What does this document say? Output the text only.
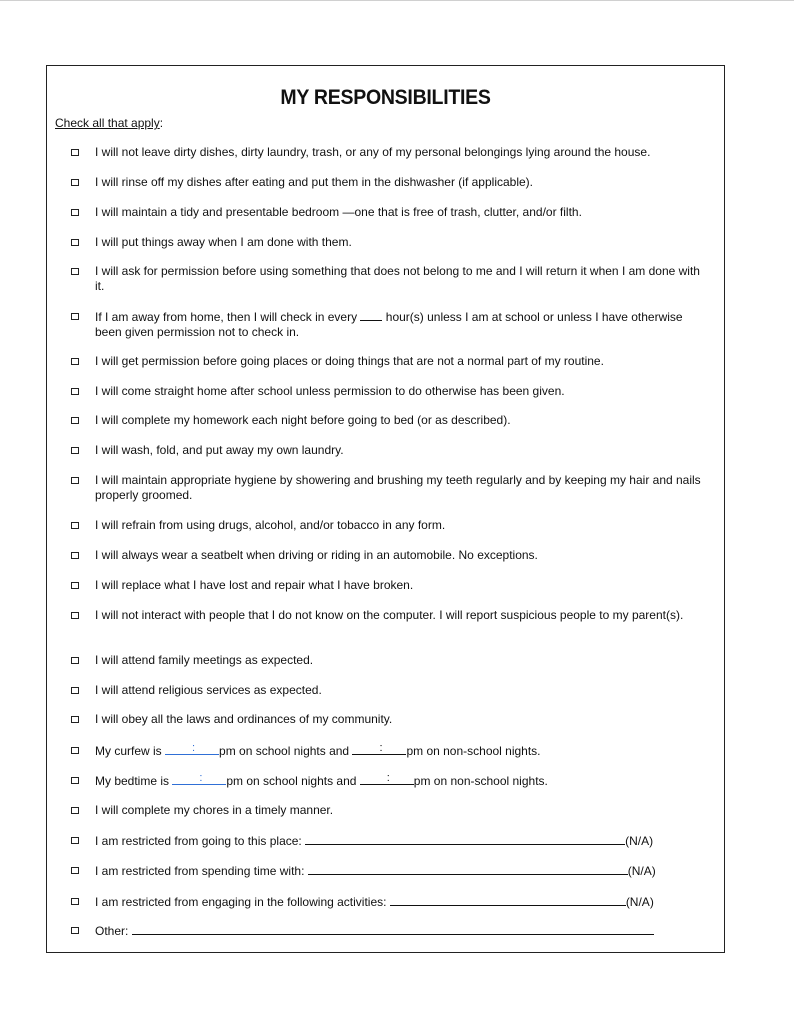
MY RESPONSIBILITIES
Check all that apply:
I will not leave dirty dishes, dirty laundry, trash, or any of my personal belongings lying around the house.
I will rinse off my dishes after eating and put them in the dishwasher (if applicable).
I will maintain a tidy and presentable bedroom —one that is free of trash, clutter, and/or filth.
I will put things away when I am done with them.
I will ask for permission before using something that does not belong to me and I will return it when I am done with it.
If I am away from home, then I will check in every  hour(s) unless I am at school or unless I have otherwise been given permission not to check in.
I will get permission before going places or doing things that are not a normal part of my routine.
I will come straight home after school unless permission to do otherwise has been given.
I will complete my homework each night before going to bed (or as described).
I will wash, fold, and put away my own laundry.
I will maintain appropriate hygiene by showering and brushing my teeth regularly and by keeping my hair and nails properly groomed.
I will refrain from using drugs, alcohol, and/or tobacco in any form.
I will always wear a seatbelt when driving or riding in an automobile. No exceptions.
I will replace what I have lost and repair what I have broken.
I will not interact with people that I do not know on the computer. I will report suspicious people to my parent(s).
I will attend family meetings as expected.
I will attend religious services as expected.
I will obey all the laws and ordinances of my community.
My curfew is : pm on school nights and : pm on non-school nights.
My bedtime is : pm on school nights and : pm on non-school nights.
I will complete my chores in a timely manner.
I am restricted from going to this place:	(N/A)
I am restricted from spending time with:	(N/A)
I am restricted from engaging in the following activities:	(N/A)
Other:
